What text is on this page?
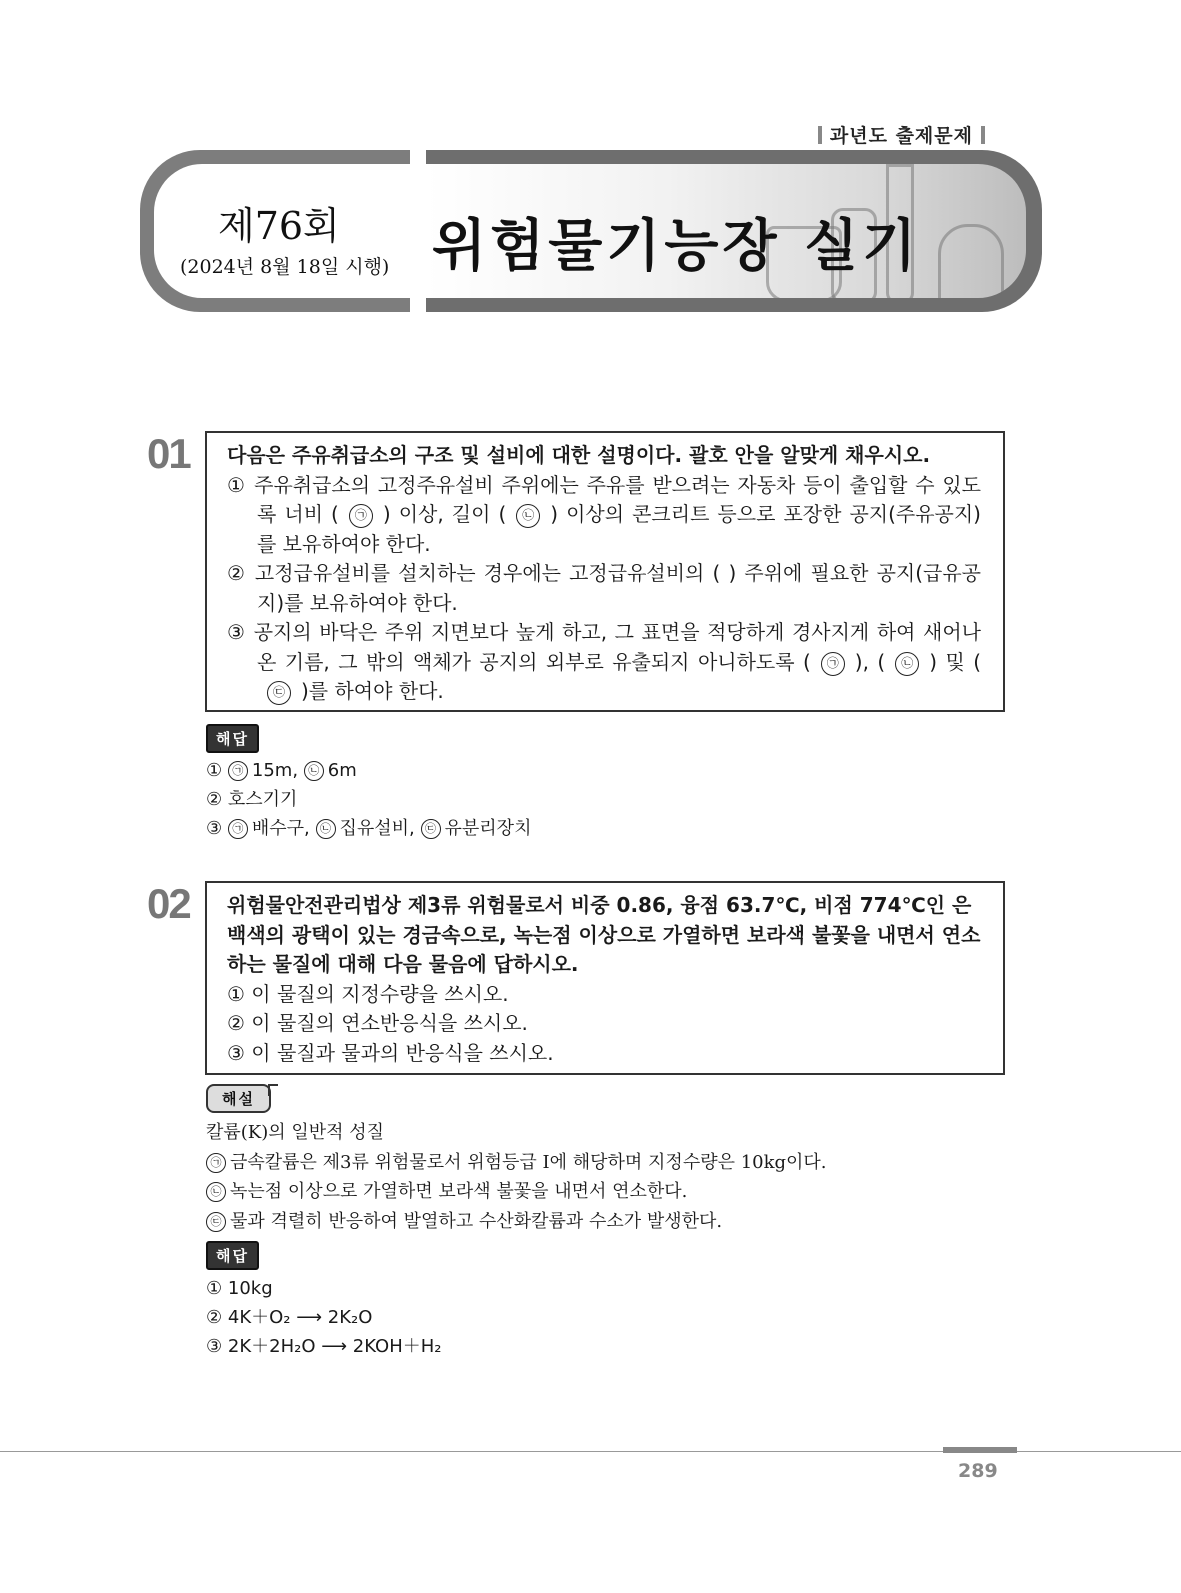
과년도 출제문제
제76회
(2024년 8월 18일 시행) 위험물기능장 실기
01 다음은 주유취급소의 구조 및 설비에 대한 설명이다. 괄호 안을 알맞게 채우시오.
① 주유취급소의 고정주유설비 주위에는 주유를 받으려는 자동차 등이 출입할 수 있도록 너비 ( ㉠ ) 이상, 길이 ( ㉡ ) 이상의 콘크리트 등으로 포장한 공지(주유공지)를 보유하여야 한다.
② 고정급유설비를 설치하는 경우에는 고정급유설비의 ( ) 주위에 필요한 공지(급유공지)를 보유하여야 한다.
③ 공지의 바닥은 주위 지면보다 높게 하고, 그 표면을 적당하게 경사지게 하여 새어나온 기름, 그 밖의 액체가 공지의 외부로 유출되지 아니하도록 ( ㉠ ), ( ㉡ ) 및 (㉢ )를 하여야 한다.
해답
① ㉠ 15m, ㉡ 6m
② 호스기기
③ ㉠ 배수구, ㉡ 집유설비, ㉢ 유분리장치
02 위험물안전관리법상 제3류 위험물로서 비중 0.86, 융점 63.7℃, 비점 774℃인 은백색의 광택이 있는 경금속으로, 녹는점 이상으로 가열하면 보라색 불꽃을 내면서 연소하는 물질에 대해 다음 물음에 답하시오.
① 이 물질의 지정수량을 쓰시오.
② 이 물질의 연소반응식을 쓰시오.
③ 이 물질과 물과의 반응식을 쓰시오.
해설
칼륨(K)의 일반적 성질
㉠ 금속칼륨은 제3류 위험물로서 위험등급 I에 해당하며 지정수량은 10kg이다.
㉡ 녹는점 이상으로 가열하면 보라색 불꽃을 내면서 연소한다.
㉢ 물과 격렬히 반응하여 발열하고 수산화칼륨과 수소가 발생한다.
해답
① 10kg
② 4K＋O₂ ⟶ 2K₂O
③ 2K＋2H₂O ⟶ 2KOH＋H₂
289
